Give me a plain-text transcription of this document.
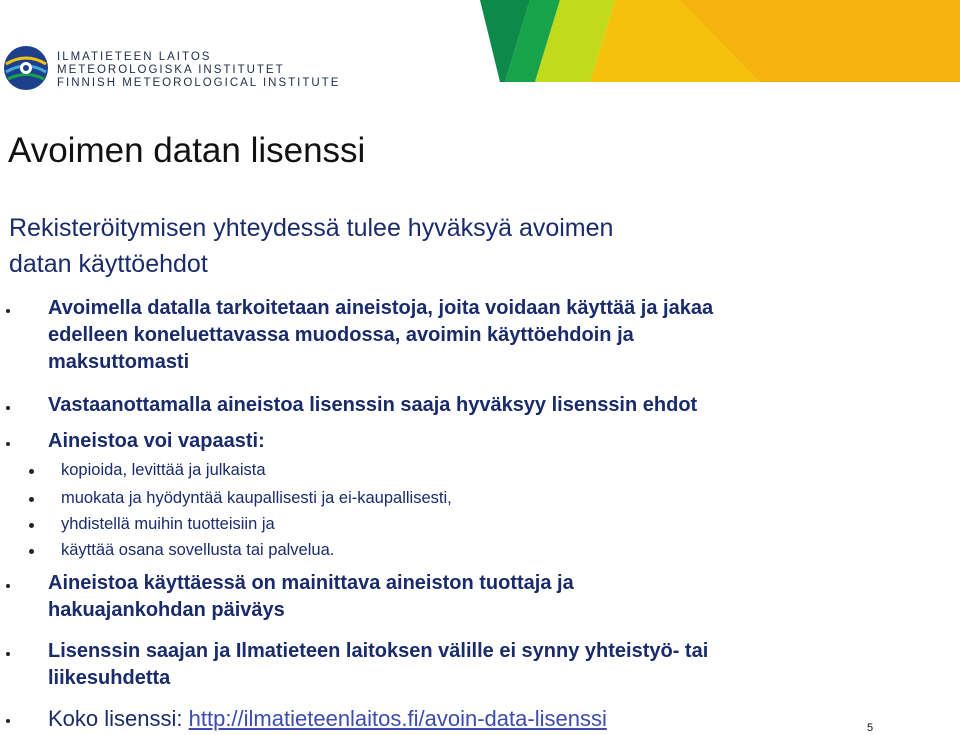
ILMATIETEEN LAITOS
METEOROLOGISKA INSTITUTET
FINNISH METEOROLOGICAL INSTITUTE
Avoimen datan lisenssi

Rekisteröitymisen yhteydessä tulee hyväksyä avoimen
datan käyttöehdot

Avoimella datalla tarkoitetaan aineistoja, joita voidaan käyttää ja jakaa
edelleen koneluettavassa muodossa, avoimin käyttöehdoin ja
maksuttomasti
Vastaanottamalla aineistoa lisenssin saaja hyväksyy lisenssin ehdot
Aineistoa voi vapaasti:
kopioida, levittää ja julkaista
muokata ja hyödyntää kaupallisesti ja ei-kaupallisesti,
yhdistellä muihin tuotteisiin ja
käyttää osana sovellusta tai palvelua.
Aineistoa käyttäessä on mainittava aineiston tuottaja ja
hakuajankohdan päiväys
Lisenssin saajan ja Ilmatieteen laitoksen välille ei synny yhteistyö- tai
liikesuhdetta
Koko lisenssi: http://ilmatieteenlaitos.fi/avoin-data-lisenssi	5
